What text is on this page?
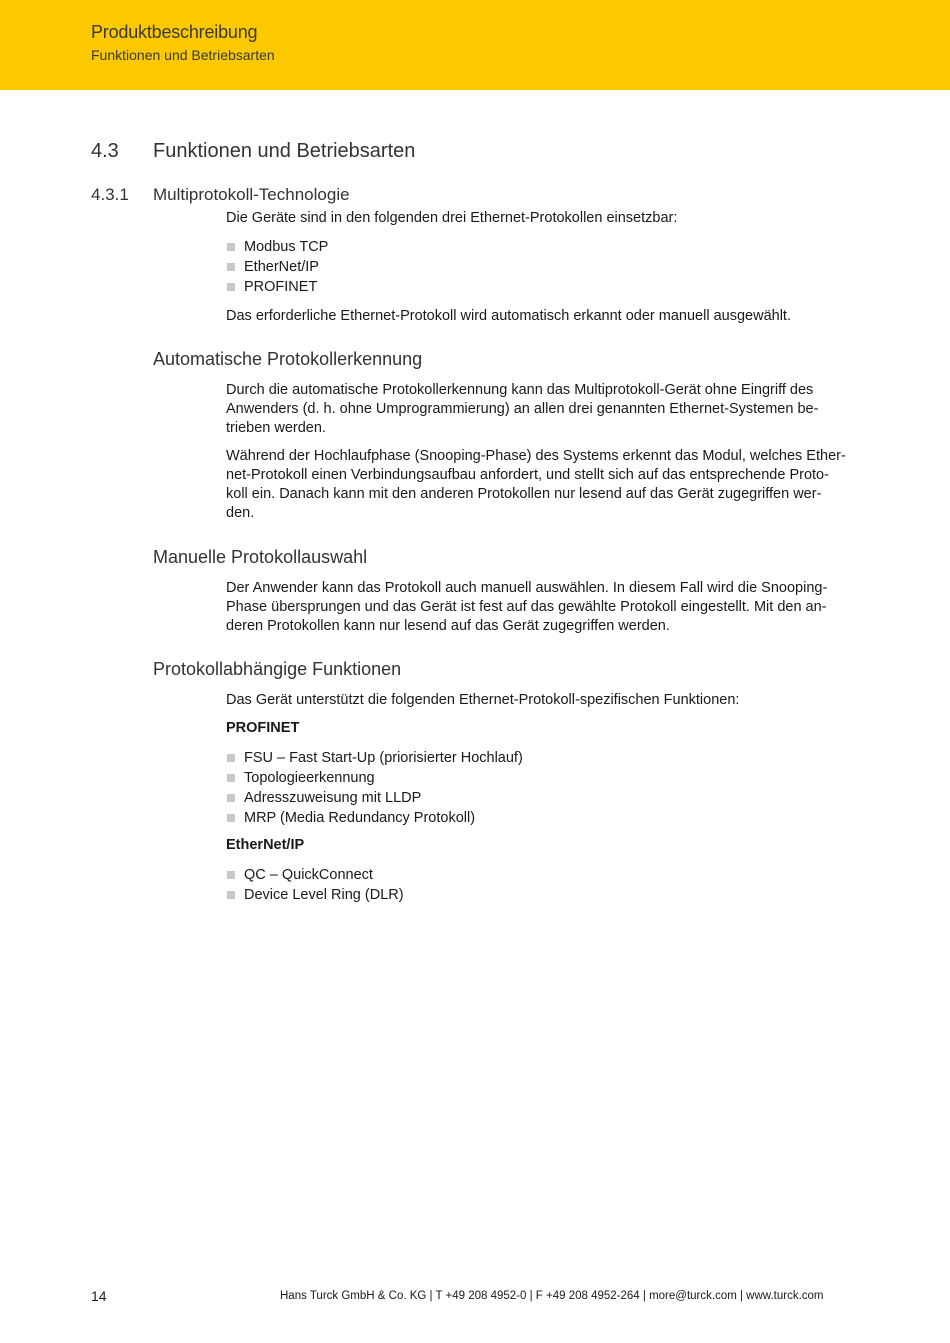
Produktbeschreibung
Funktionen und Betriebsarten
4.3 Funktionen und Betriebsarten
4.3.1 Multiprotokoll-Technologie
Die Geräte sind in den folgenden drei Ethernet-Protokollen einsetzbar:
Modbus TCP
EtherNet/IP
PROFINET
Das erforderliche Ethernet-Protokoll wird automatisch erkannt oder manuell ausgewählt.
Automatische Protokollerkennung
Durch die automatische Protokollerkennung kann das Multiprotokoll-Gerät ohne Eingriff des
Anwenders (d. h. ohne Umprogrammierung) an allen drei genannten Ethernet-Systemen be-
trieben werden.
Während der Hochlaufphase (Snooping-Phase) des Systems erkennt das Modul, welches Ether-
net-Protokoll einen Verbindungsaufbau anfordert, und stellt sich auf das entsprechende Proto-
koll ein. Danach kann mit den anderen Protokollen nur lesend auf das Gerät zugegriffen wer-
den.
Manuelle Protokollauswahl
Der Anwender kann das Protokoll auch manuell auswählen. In diesem Fall wird die Snooping-
Phase übersprungen und das Gerät ist fest auf das gewählte Protokoll eingestellt. Mit den an-
deren Protokollen kann nur lesend auf das Gerät zugegriffen werden.
Protokollabhängige Funktionen
Das Gerät unterstützt die folgenden Ethernet-Protokoll-spezifischen Funktionen:
PROFINET
FSU – Fast Start-Up (priorisierter Hochlauf)
Topologieerkennung
Adresszuweisung mit LLDP
MRP (Media Redundancy Protokoll)
EtherNet/IP
QC – QuickConnect
Device Level Ring (DLR)
14	Hans Turck GmbH & Co. KG | T +49 208 4952-0 | F +49 208 4952-264 | more@turck.com | www.turck.com
